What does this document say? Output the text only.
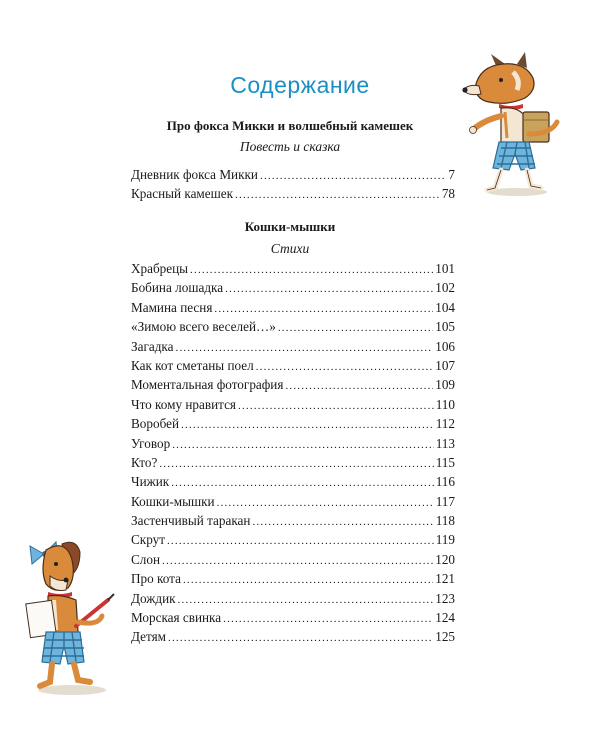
Содержание
Про фокса Микки и волшебный камешек
Повесть и сказка
Дневник фокса Микки .....	7
Красный камешек .....	78
Кошки-мышки
Стихи
Храбрецы .....	101
Бобина лошадка .....	102
Мамина песня .....	104
«Зимою всего веселей…» .....	105
Загадка .....	106
Как кот сметаны поел .....	107
Моментальная фотография .....	109
Что кому нравится .....	110
Воробей .....	112
Уговор .....	113
Кто? .....	115
Чижик .....	116
Кошки-мышки .....	117
Застенчивый таракан .....	118
Скрут .....	119
Слон .....	120
Про кота .....	121
Дождик .....	123
Морская свинка .....	124
Детям .....	125
